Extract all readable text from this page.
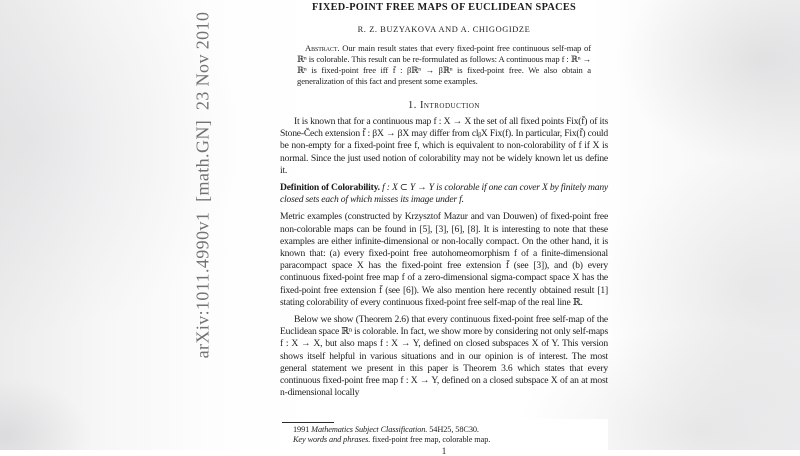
arXiv:1011.4990v1  [math.GN]  23 Nov 2010
FIXED-POINT FREE MAPS OF EUCLIDEAN SPACES
R. Z. BUZYAKOVA AND A. CHIGOGIDZE
Abstract. Our main result states that every fixed-point free continuous self-map of ℝⁿ is colorable. This result can be re-formulated as follows: A continuous map f : ℝⁿ → ℝⁿ is fixed-point free iff f̄ : βℝⁿ → βℝⁿ is fixed-point free. We also obtain a generalization of this fact and present some examples.
1. Introduction

It is known that for a continuous map f : X → X the set of all fixed points Fix(f̄) of its Stone-Čech extension f̄ : βX → βX may differ from clᵦX Fix(f). In particular, Fix(f̄) could be non-empty for a fixed-point free f, which is equivalent to non-colorability of f if X is normal. Since the just used notion of colorability may not be widely known let us define it.

Definition of Colorability. f : X ⊂ Y → Y is colorable if one can cover X by finitely many closed sets each of which misses its image under f.

Metric examples (constructed by Krzysztof Mazur and van Douwen) of fixed-point free non-colorable maps can be found in [5], [3], [6], [8]. It is interesting to note that these examples are either infinite-dimensional or non-locally compact. On the other hand, it is known that: (a) every fixed-point free autohomeomorphism f of a finite-dimensional paracompact space X has the fixed-point free extension f̄ (see [3]), and (b) every continuous fixed-point free map f of a zero-dimensional sigma-compact space X has the fixed-point free extension f̄ (see [6]). We also mention here recently obtained result [1] stating colorability of every continuous fixed-point free self-map of the real line ℝ.

Below we show (Theorem 2.6) that every continuous fixed-point free self-map of the Euclidean space ℝⁿ is colorable. In fact, we show more by considering not only self-maps f : X → X, but also maps f : X → Y, defined on closed subspaces X of Y. This version shows itself helpful in various situations and in our opinion is of interest. The most general statement we present in this paper is Theorem 3.6 which states that every continuous fixed-point free map f : X → Y, defined on a closed subspace X of an at most n-dimensional locally

1991 Mathematics Subject Classification. 54H25, 58C30.
Key words and phrases. fixed-point free map, colorable map.
1
